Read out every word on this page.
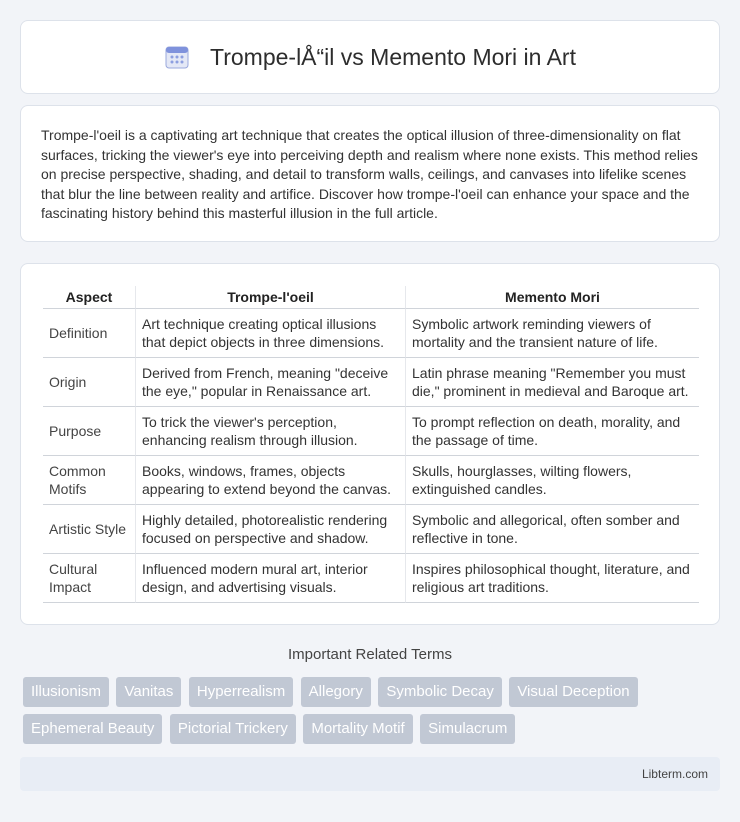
Trompe-lÅ“il vs Memento Mori in Art

Trompe-l'oeil is a captivating art technique that creates the optical illusion of three-dimensionality on flat surfaces, tricking the viewer's eye into perceiving depth and realism where none exists. This method relies on precise perspective, shading, and detail to transform walls, ceilings, and canvases into lifelike scenes that blur the line between reality and artifice. Discover how trompe-l'oeil can enhance your space and the fascinating history behind this masterful illusion in the full article.

Aspect	Trompe-l'oeil	Memento Mori
Definition	Art technique creating optical illusions that depict objects in three dimensions.	Symbolic artwork reminding viewers of mortality and the transient nature of life.
Origin	Derived from French, meaning "deceive the eye," popular in Renaissance art.	Latin phrase meaning "Remember you must die," prominent in medieval and Baroque art.
Purpose	To trick the viewer's perception, enhancing realism through illusion.	To prompt reflection on death, morality, and the passage of time.
Common Motifs	Books, windows, frames, objects appearing to extend beyond the canvas.	Skulls, hourglasses, wilting flowers, extinguished candles.
Artistic Style	Highly detailed, photorealistic rendering focused on perspective and shadow.	Symbolic and allegorical, often somber and reflective in tone.
Cultural Impact	Influenced modern mural art, interior design, and advertising visuals.	Inspires philosophical thought, literature, and religious art traditions.
Important Related Terms
Illusionism Vanitas Hyperrealism Allegory Symbolic Decay Visual Deception Ephemeral Beauty Pictorial Trickery Mortality Motif Simulacrum
Libterm.com
